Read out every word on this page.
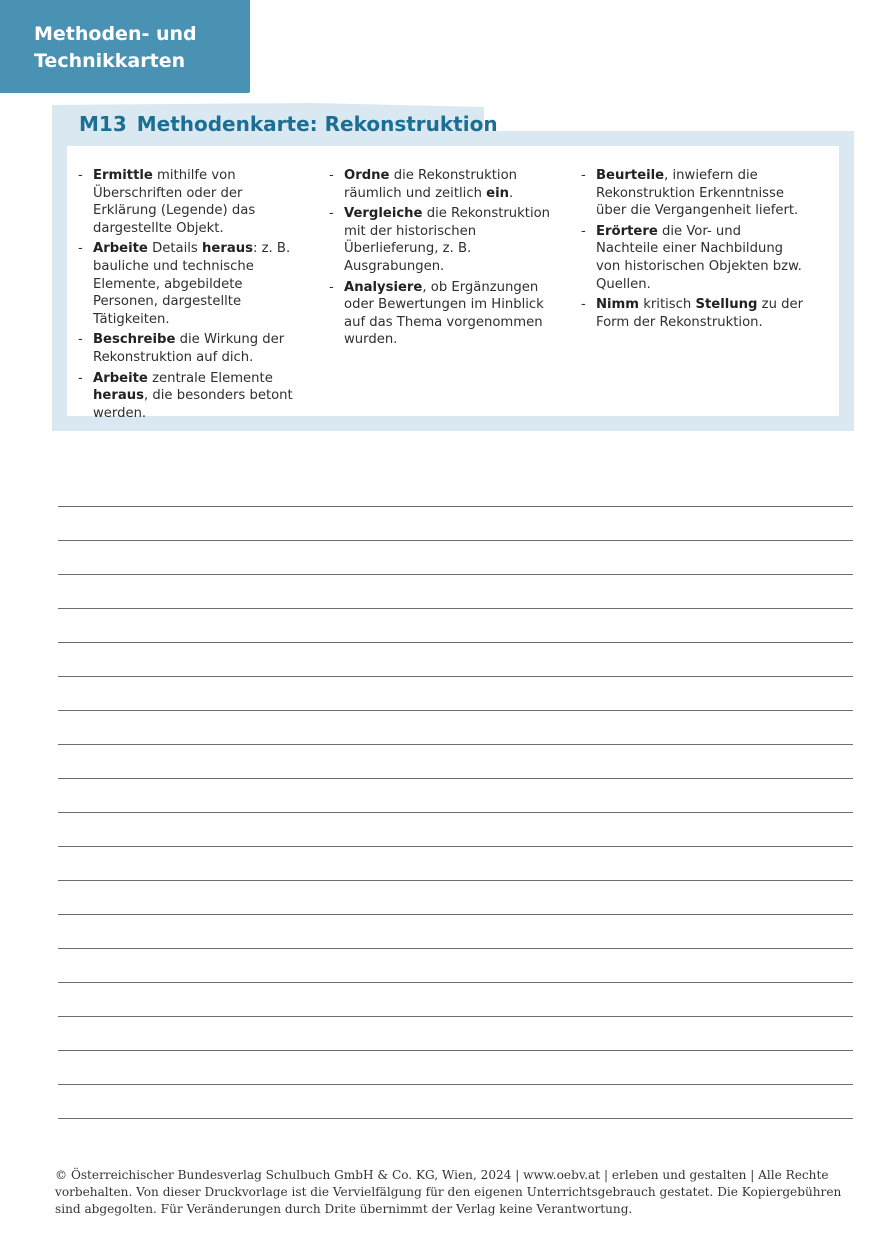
Methoden- und
Technikkarten
M13 Methodenkarte: Rekonstruktion
- Ermittle mithilfe von Überschriften oder der Erklärung (Legende) das dargestellte Objekt.
- Arbeite Details heraus: z. B. bauliche und technische Elemente, abgebildete Personen, dargestellte Tätigkeiten.
- Beschreibe die Wirkung der Rekonstruktion auf dich.
- Arbeite zentrale Elemente heraus, die besonders betont werden.
- Ordne die Rekonstruktion räumlich und zeitlich ein.
- Vergleiche die Rekonstruktion mit der historischen Überlieferung, z. B. Ausgrabungen.
- Analysiere, ob Ergänzungen oder Bewertungen im Hinblick auf das Thema vorgenommen wurden.
- Beurteile, inwiefern die Rekonstruktion Erkenntnisse über die Vergangenheit liefert.
- Erörtere die Vor- und Nachteile einer Nachbildung von historischen Objekten bzw. Quellen.
- Nimm kritisch Stellung zu der Form der Rekonstruktion.
© Österreichischer Bundesverlag Schulbuch GmbH & Co. KG, Wien, 2024 | www.oebv.at | erleben und gestalten | Alle Rechte vorbehalten. Von dieser Druckvorlage ist die Vervielfälgung für den eigenen Unterrichtsgebrauch gestatet. Die Kopiergebühren sind abgegolten. Für Veränderungen durch Drite übernimmt der Verlag keine Verantwortung.
